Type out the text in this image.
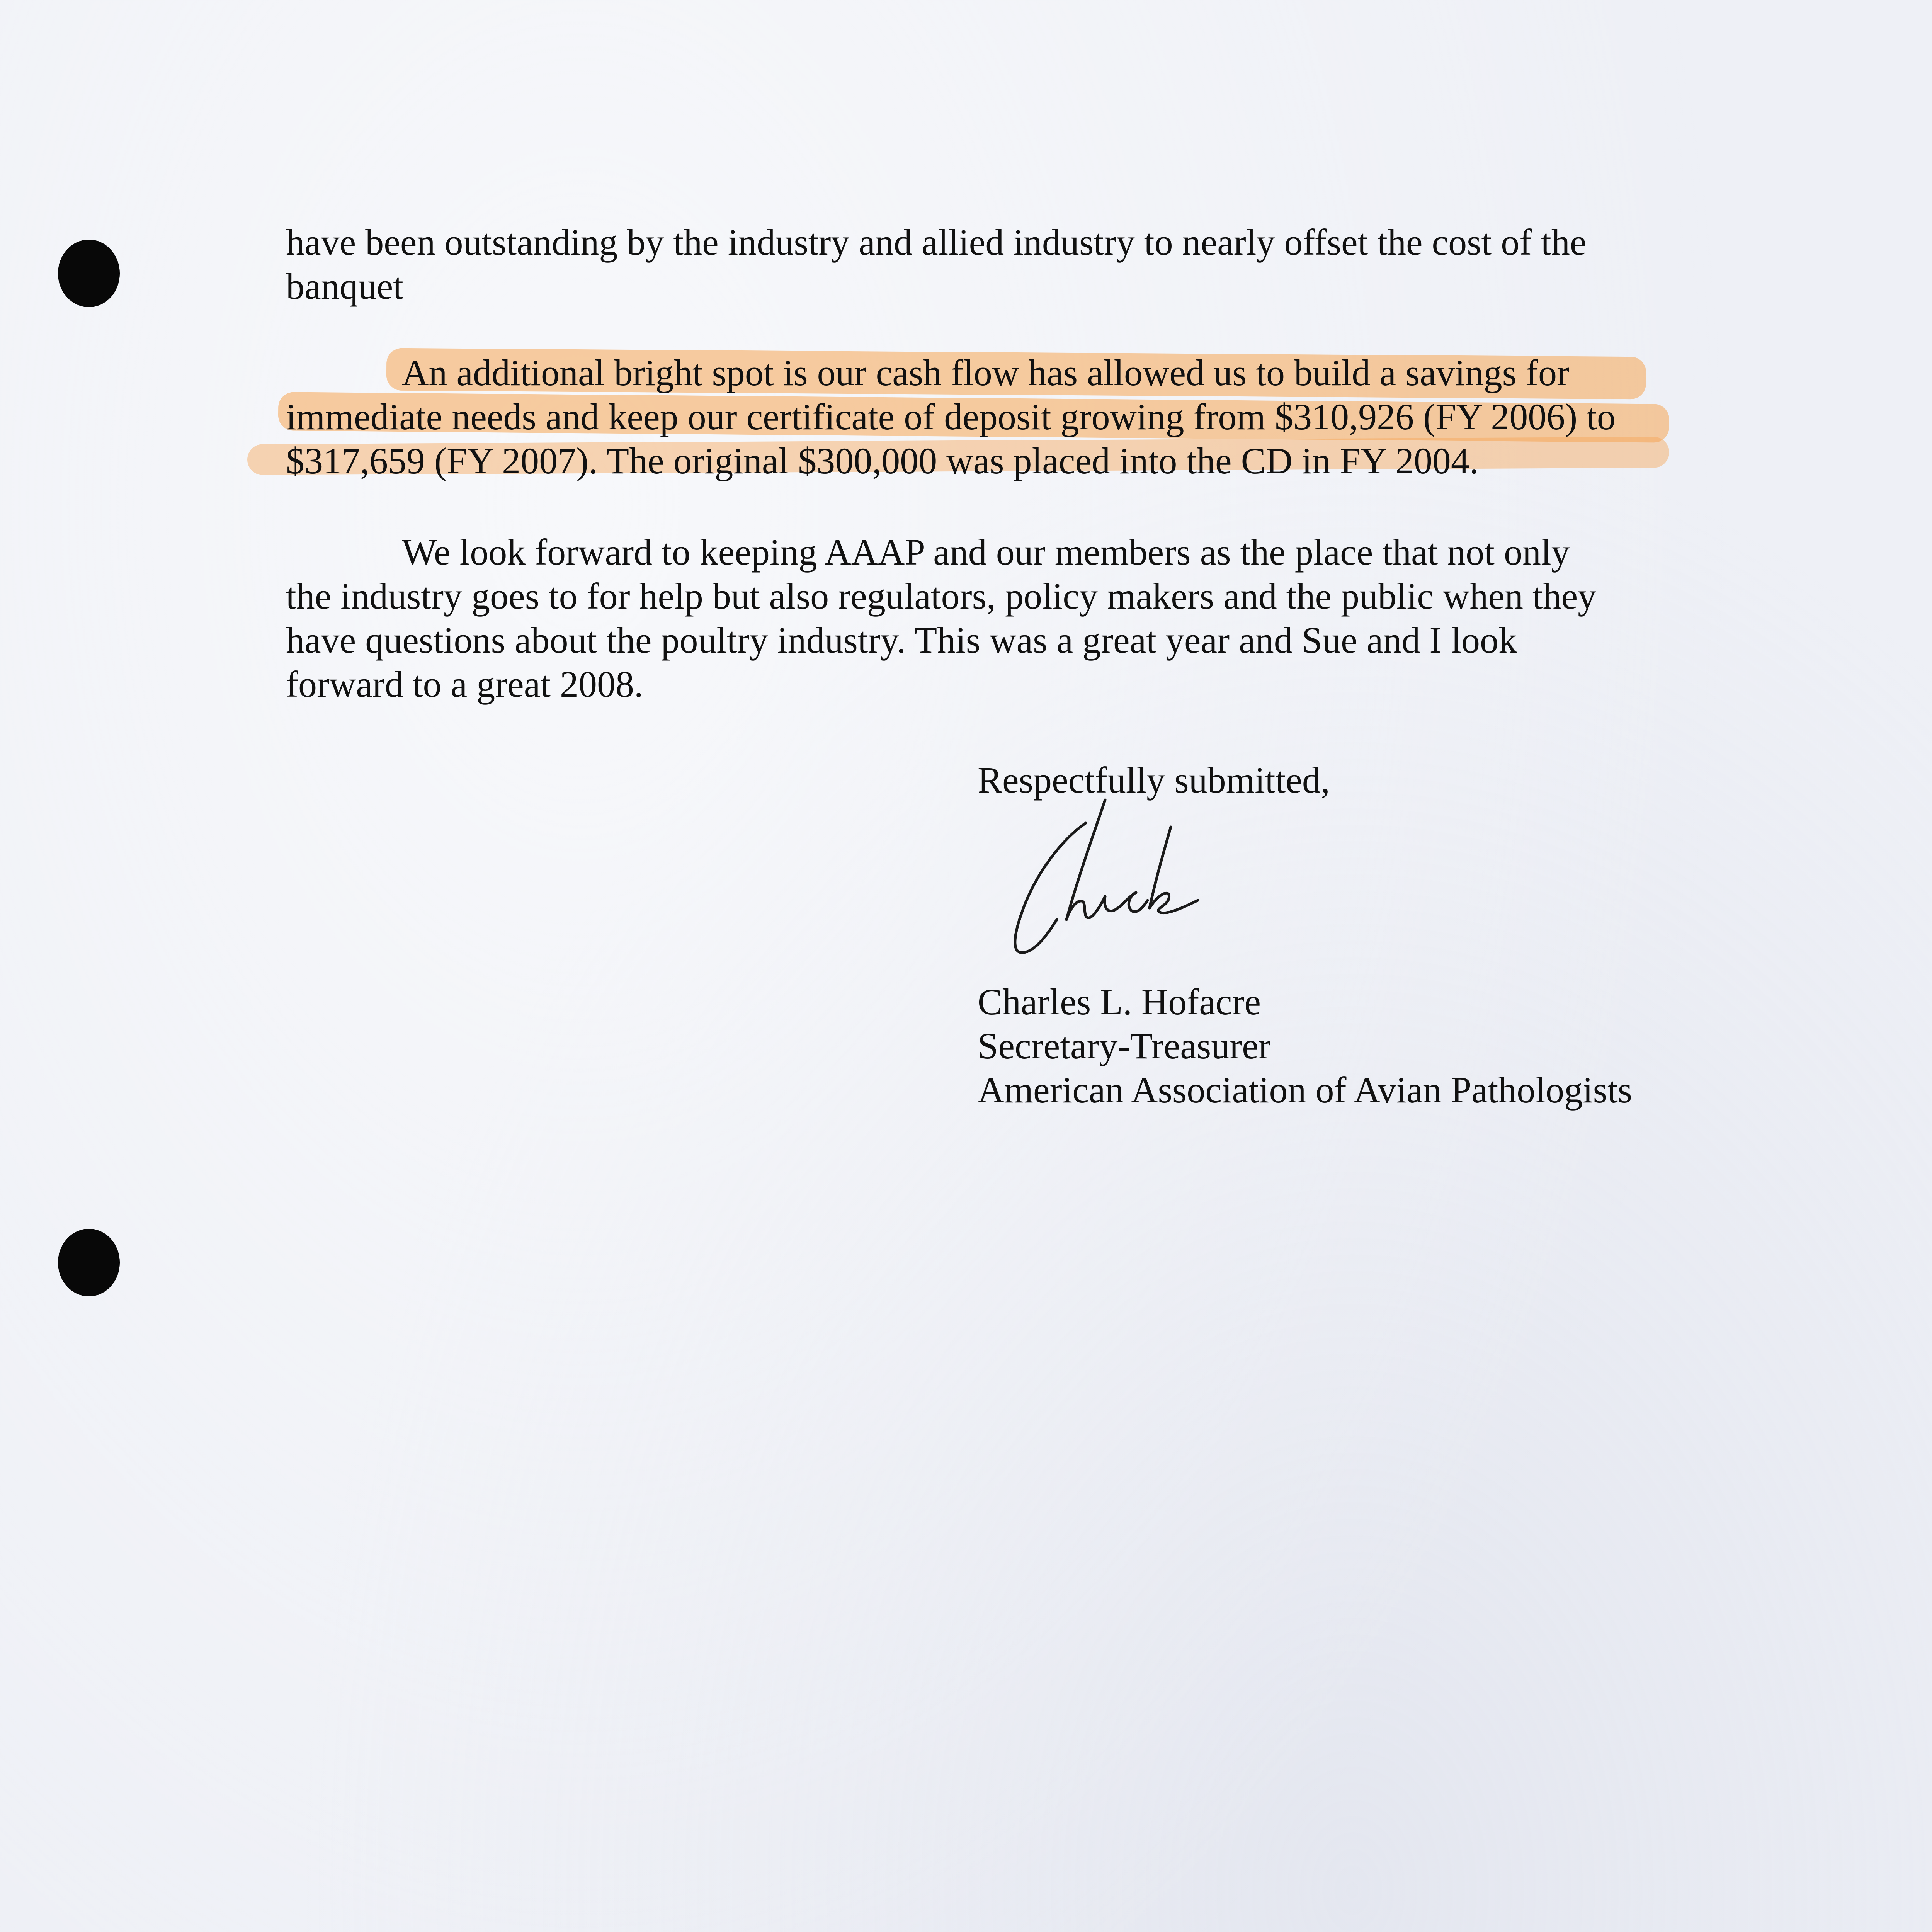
have been outstanding by the industry and allied industry to nearly offset the cost of the
banquet

An additional bright spot is our cash flow has allowed us to build a savings for
immediate needs and keep our certificate of deposit growing from $310,926 (FY 2006) to
$317,659 (FY 2007). The original $300,000 was placed into the CD in FY 2004.

We look forward to keeping AAAP and our members as the place that not only
the industry goes to for help but also regulators, policy makers and the public when they
have questions about the poultry industry. This was a great year and Sue and I look
forward to a great 2008.

Respectfully submitted,

Charles L. Hofacre
Secretary-Treasurer
American Association of Avian Pathologists
